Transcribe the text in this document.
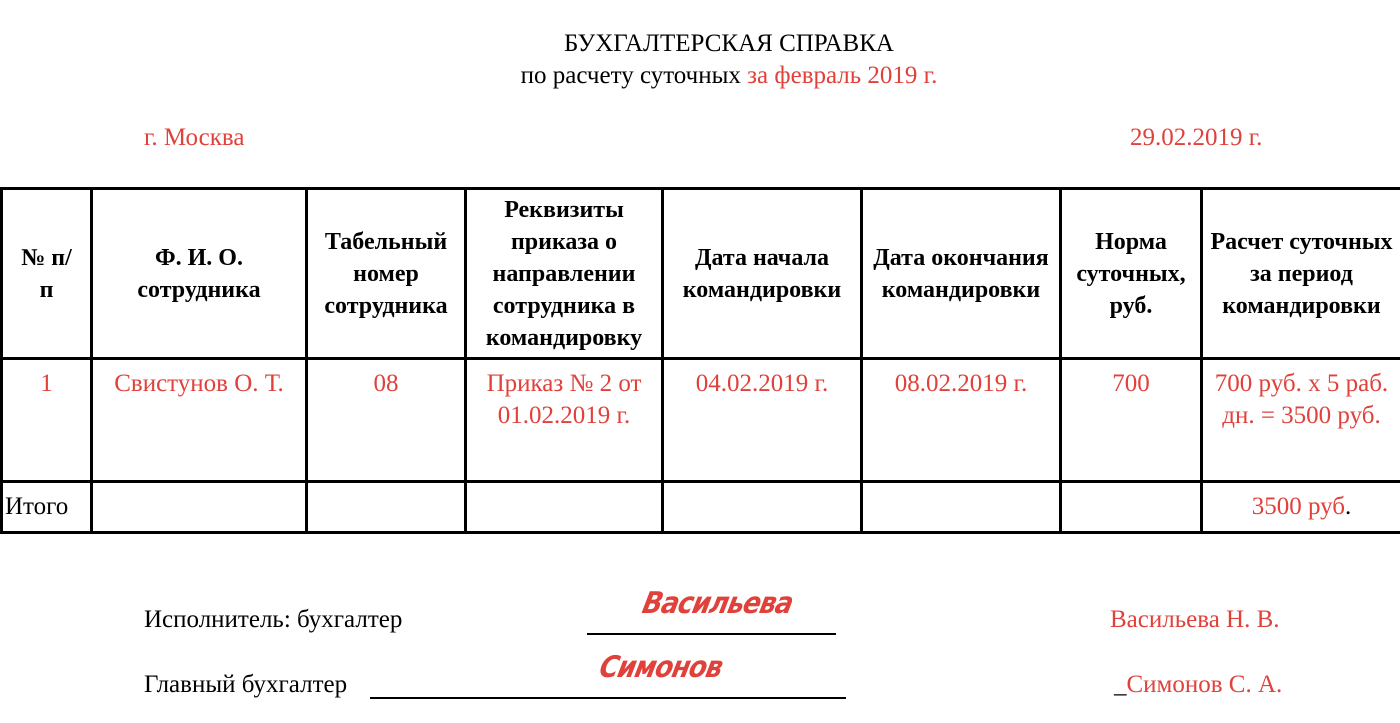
БУХГАЛТЕРСКАЯ СПРАВКА
по расчету суточных за февраль 2019 г.
г. Москва	29.02.2019 г.
№ п/п	Ф. И. О. сотрудника	Табельный номер сотрудника	Реквизиты приказа о направлении сотрудника в командировку	Дата начала командировки	Дата окончания командировки	Норма суточных, руб.	Расчет суточных за период командировки
1	Свистунов О. Т.	08	Приказ № 2 от 01.02.2019 г.	04.02.2019 г.	08.02.2019 г.	700	700 руб. х 5 раб. дн. = 3500 руб.
Итого							3500 руб.
Исполнитель: бухгалтер	Васильева	Васильева Н. В.
Главный бухгалтер	Симонов	_Симонов С. А.
